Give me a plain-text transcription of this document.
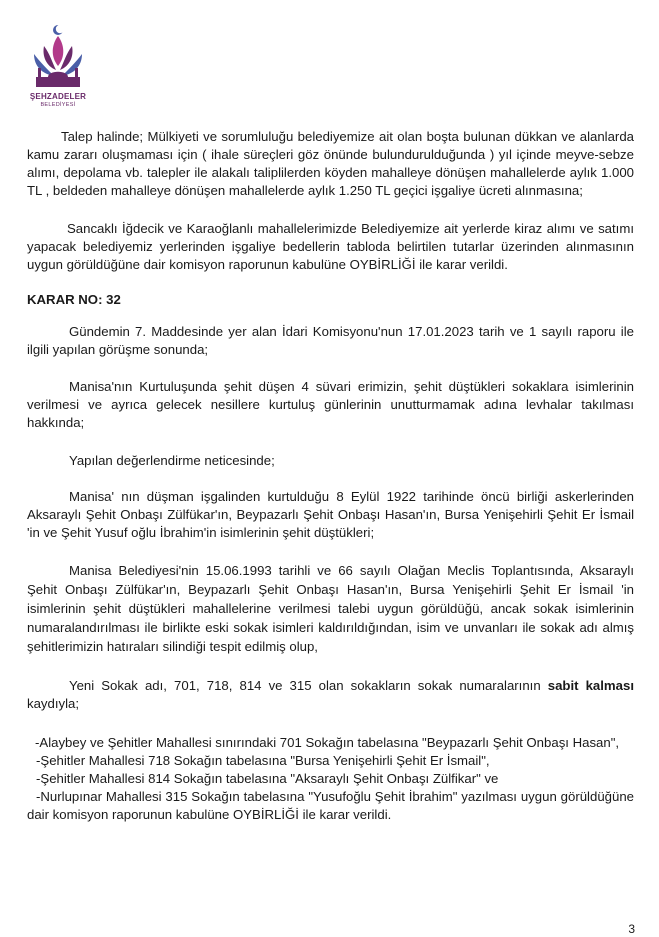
ŞEHZADELER
BELEDİYESİ

Talep halinde; Mülkiyeti ve sorumluluğu belediyemize ait olan boşta bulunan dükkan ve alanlarda kamu zararı oluşmaması için ( ihale süreçleri göz önünde bulundurulduğunda ) yıl içinde meyve-sebze alımı, depolama vb. talepler ile alakalı taliplilerden köyden mahalleye dönüşen mahallelerde aylık 1.000 TL , beldeden mahalleye dönüşen mahallelerde aylık 1.250 TL geçici işgaliye ücreti alınmasına;

Sancaklı İğdecik ve Karaoğlanlı mahallelerimizde Belediyemize ait yerlerde kiraz alımı ve satımı yapacak belediyemiz yerlerinden işgaliye bedellerin tabloda belirtilen tutarlar üzerinden alınmasının uygun görüldüğüne dair komisyon raporunun kabulüne OYBİRLİĞİ ile karar verildi.

KARAR NO: 32

Gündemin 7. Maddesinde yer alan İdari Komisyonu'nun 17.01.2023 tarih ve 1 sayılı raporu ile ilgili yapılan görüşme sonunda;

Manisa'nın Kurtuluşunda şehit düşen 4 süvari erimizin, şehit düştükleri sokaklara isimlerinin verilmesi ve ayrıca gelecek nesillere kurtuluş günlerinin unutturmamak adına levhalar takılması hakkında;

Yapılan değerlendirme neticesinde;

Manisa' nın düşman işgalinden kurtulduğu 8 Eylül 1922 tarihinde öncü birliği askerlerinden Aksaraylı Şehit Onbaşı Zülfükar'ın, Beypazarlı Şehit Onbaşı Hasan'ın, Bursa Yenişehirli Şehit Er İsmail 'in ve Şehit Yusuf oğlu İbrahim'in isimlerinin şehit düştükleri;

Manisa Belediyesi'nin 15.06.1993 tarihli ve 66 sayılı Olağan Meclis Toplantısında, Aksaraylı Şehit Onbaşı Zülfükar'ın, Beypazarlı Şehit Onbaşı Hasan'ın, Bursa Yenişehirli Şehit Er İsmail 'in isimlerinin şehit düştükleri mahallelerine verilmesi talebi uygun görüldüğü, ancak sokak isimlerinin numaralandırılması ile birlikte eski sokak isimleri kaldırıldığından, isim ve unvanları ile sokak adı almış şehitlerimizin hatıraları silindiği tespit edilmiş olup,

Yeni Sokak adı, 701, 718, 814 ve 315 olan sokakların sokak numaralarının sabit kalması kaydıyla;

-Alaybey ve Şehitler Mahallesi sınırındaki 701 Sokağın tabelasına "Beypazarlı Şehit Onbaşı Hasan",

-Şehitler Mahallesi 718 Sokağın tabelasına "Bursa Yenişehirli Şehit Er İsmail",

-Şehitler Mahallesi 814 Sokağın tabelasına "Aksaraylı Şehit Onbaşı Zülfikar" ve

-Nurlupınar Mahallesi 315 Sokağın tabelasına "Yusufoğlu Şehit İbrahim" yazılması uygun görüldüğüne dair komisyon raporunun kabulüne OYBİRLİĞİ ile karar verildi.

3
